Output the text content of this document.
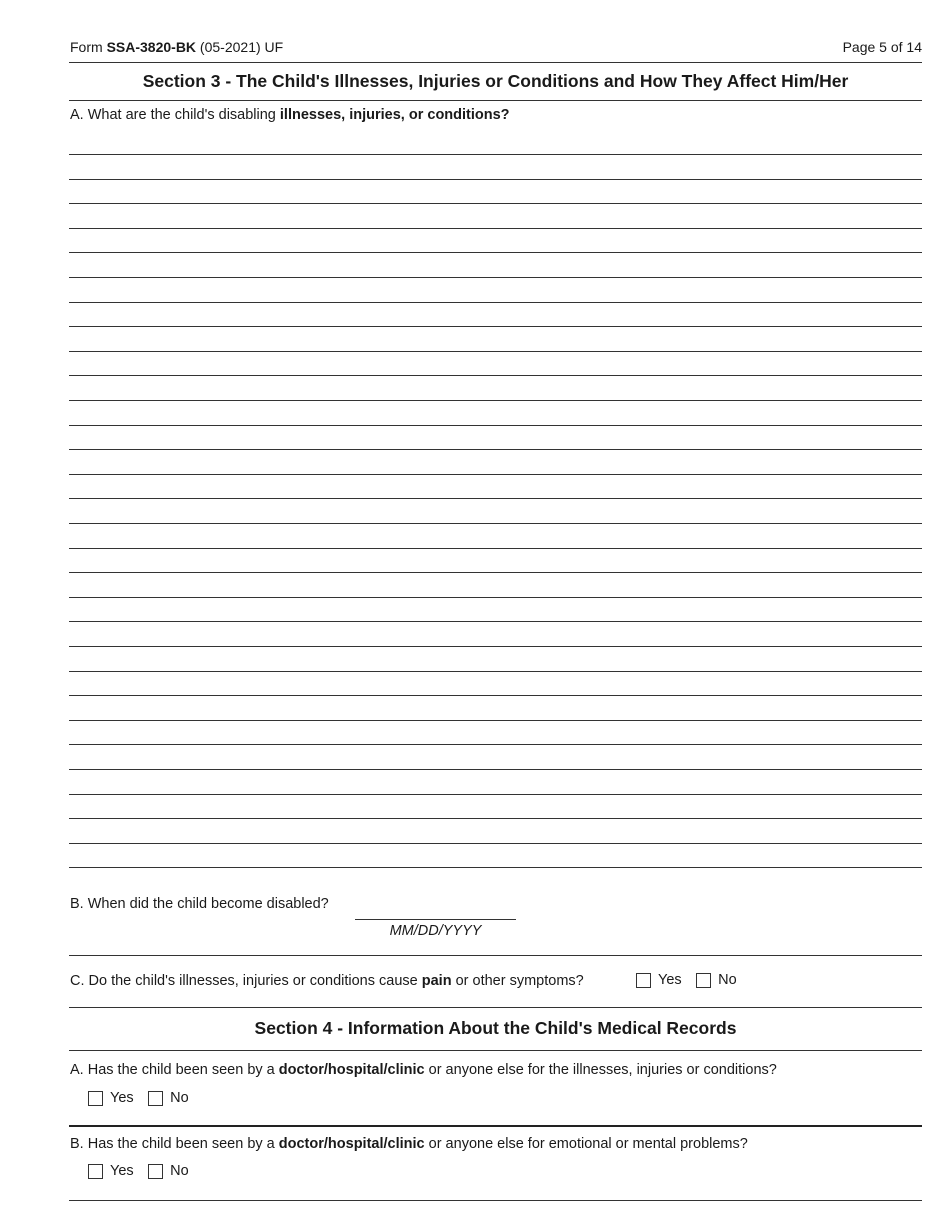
Form SSA-3820-BK (05-2021) UF	Page 5 of 14
Section 3 - The Child's Illnesses, Injuries or Conditions and How They Affect Him/Her
A. What are the child's disabling illnesses, injuries, or conditions?
B. When did the child become disabled?
MM/DD/YYYY
C. Do the child's illnesses, injuries or conditions cause pain or other symptoms?	Yes
	No
Section 4 - Information About the Child's Medical Records
A. Has the child been seen by a doctor/hospital/clinic or anyone else for the illnesses, injuries or conditions?
Yes
	No
B. Has the child been seen by a doctor/hospital/clinic or anyone else for emotional or mental problems?
Yes
	No
